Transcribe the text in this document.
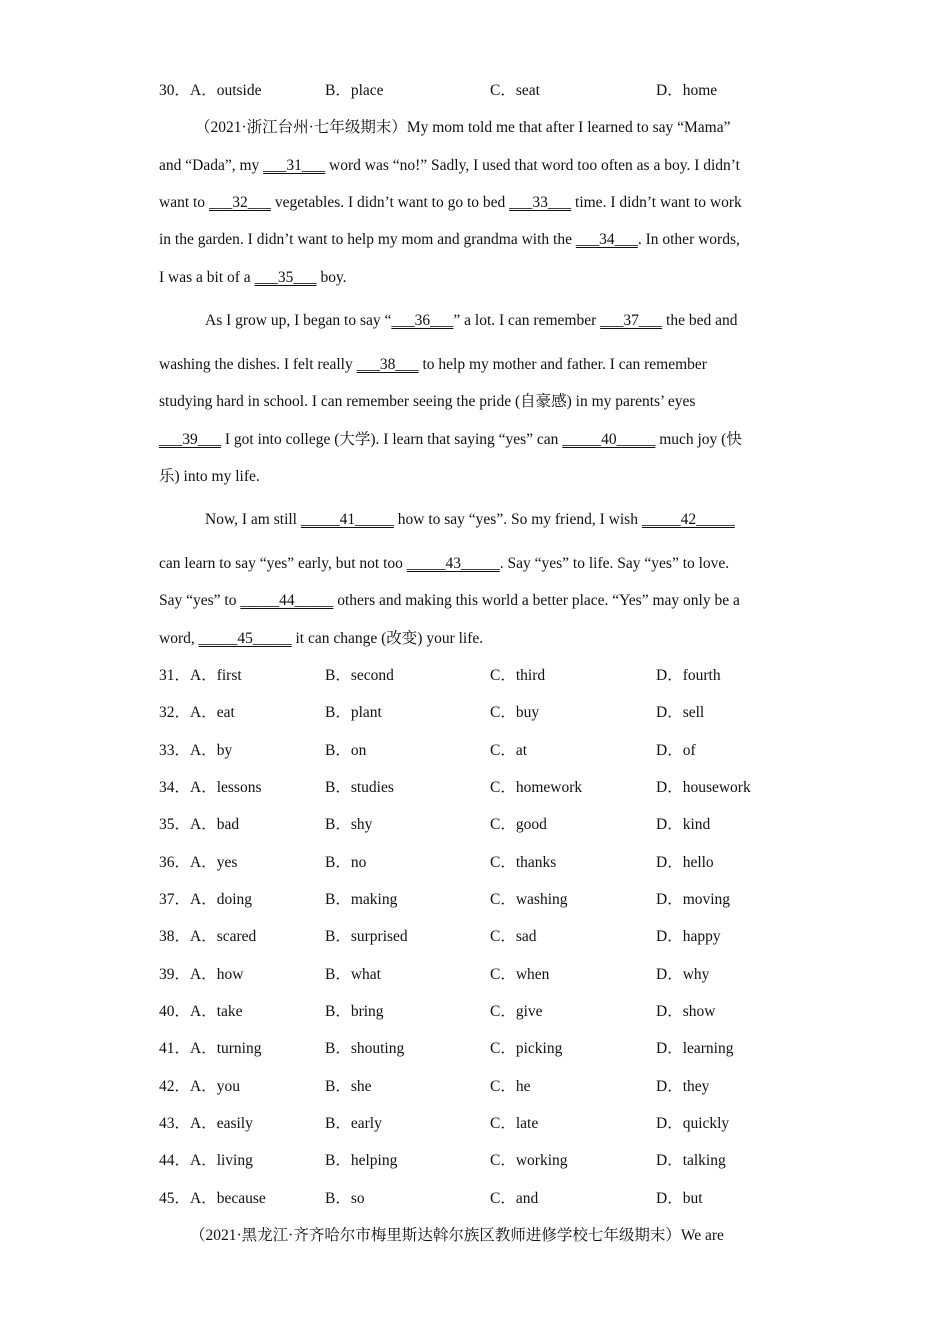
30．A．outside	B．place	C．seat	D．home
（2021·浙江台州·七年级期末）My mom told me that after I learned to say “Mama”
and “Dada”, my ___31___ word was “no!” Sadly, I used that word too often as a boy. I didn’t
want to ___32___ vegetables. I didn’t want to go to bed ___33___ time. I didn’t want to work
in the garden. I didn’t want to help my mom and grandma with the ___34___. In other words,
I was a bit of a ___35___ boy.
As I grow up, I began to say “___36___” a lot. I can remember ___37___ the bed and
washing the dishes. I felt really ___38___ to help my mother and father. I can remember
studying hard in school. I can remember seeing the pride (自豪感) in my parents’ eyes
___39___ I got into college (大学). I learn that saying “yes” can _____40_____ much joy (快
乐) into my life.
Now, I am still _____41_____ how to say “yes”. So my friend, I wish _____42_____
can learn to say “yes” early, but not too _____43_____. Say “yes” to life. Say “yes” to love.
Say “yes” to _____44_____ others and making this world a better place. “Yes” may only be a
word, _____45_____ it can change (改变) your life.
31．A．first	B．second	C．third	D．fourth
32．A．eat	B．plant	C．buy	D．sell
33．A．by	B．on	C．at	D．of
34．A．lessons	B．studies	C．homework	D．housework
35．A．bad	B．shy	C．good	D．kind
36．A．yes	B．no	C．thanks	D．hello
37．A．doing	B．making	C．washing	D．moving
38．A．scared	B．surprised	C．sad	D．happy
39．A．how	B．what	C．when	D．why
40．A．take	B．bring	C．give	D．show
41．A．turning	B．shouting	C．picking	D．learning
42．A．you	B．she	C．he	D．they
43．A．easily	B．early	C．late	D．quickly
44．A．living	B．helping	C．working	D．talking
45．A．because	B．so	C．and	D．but
（2021·黑龙江·齐齐哈尔市梅里斯达斡尔族区教师进修学校七年级期末）We are
